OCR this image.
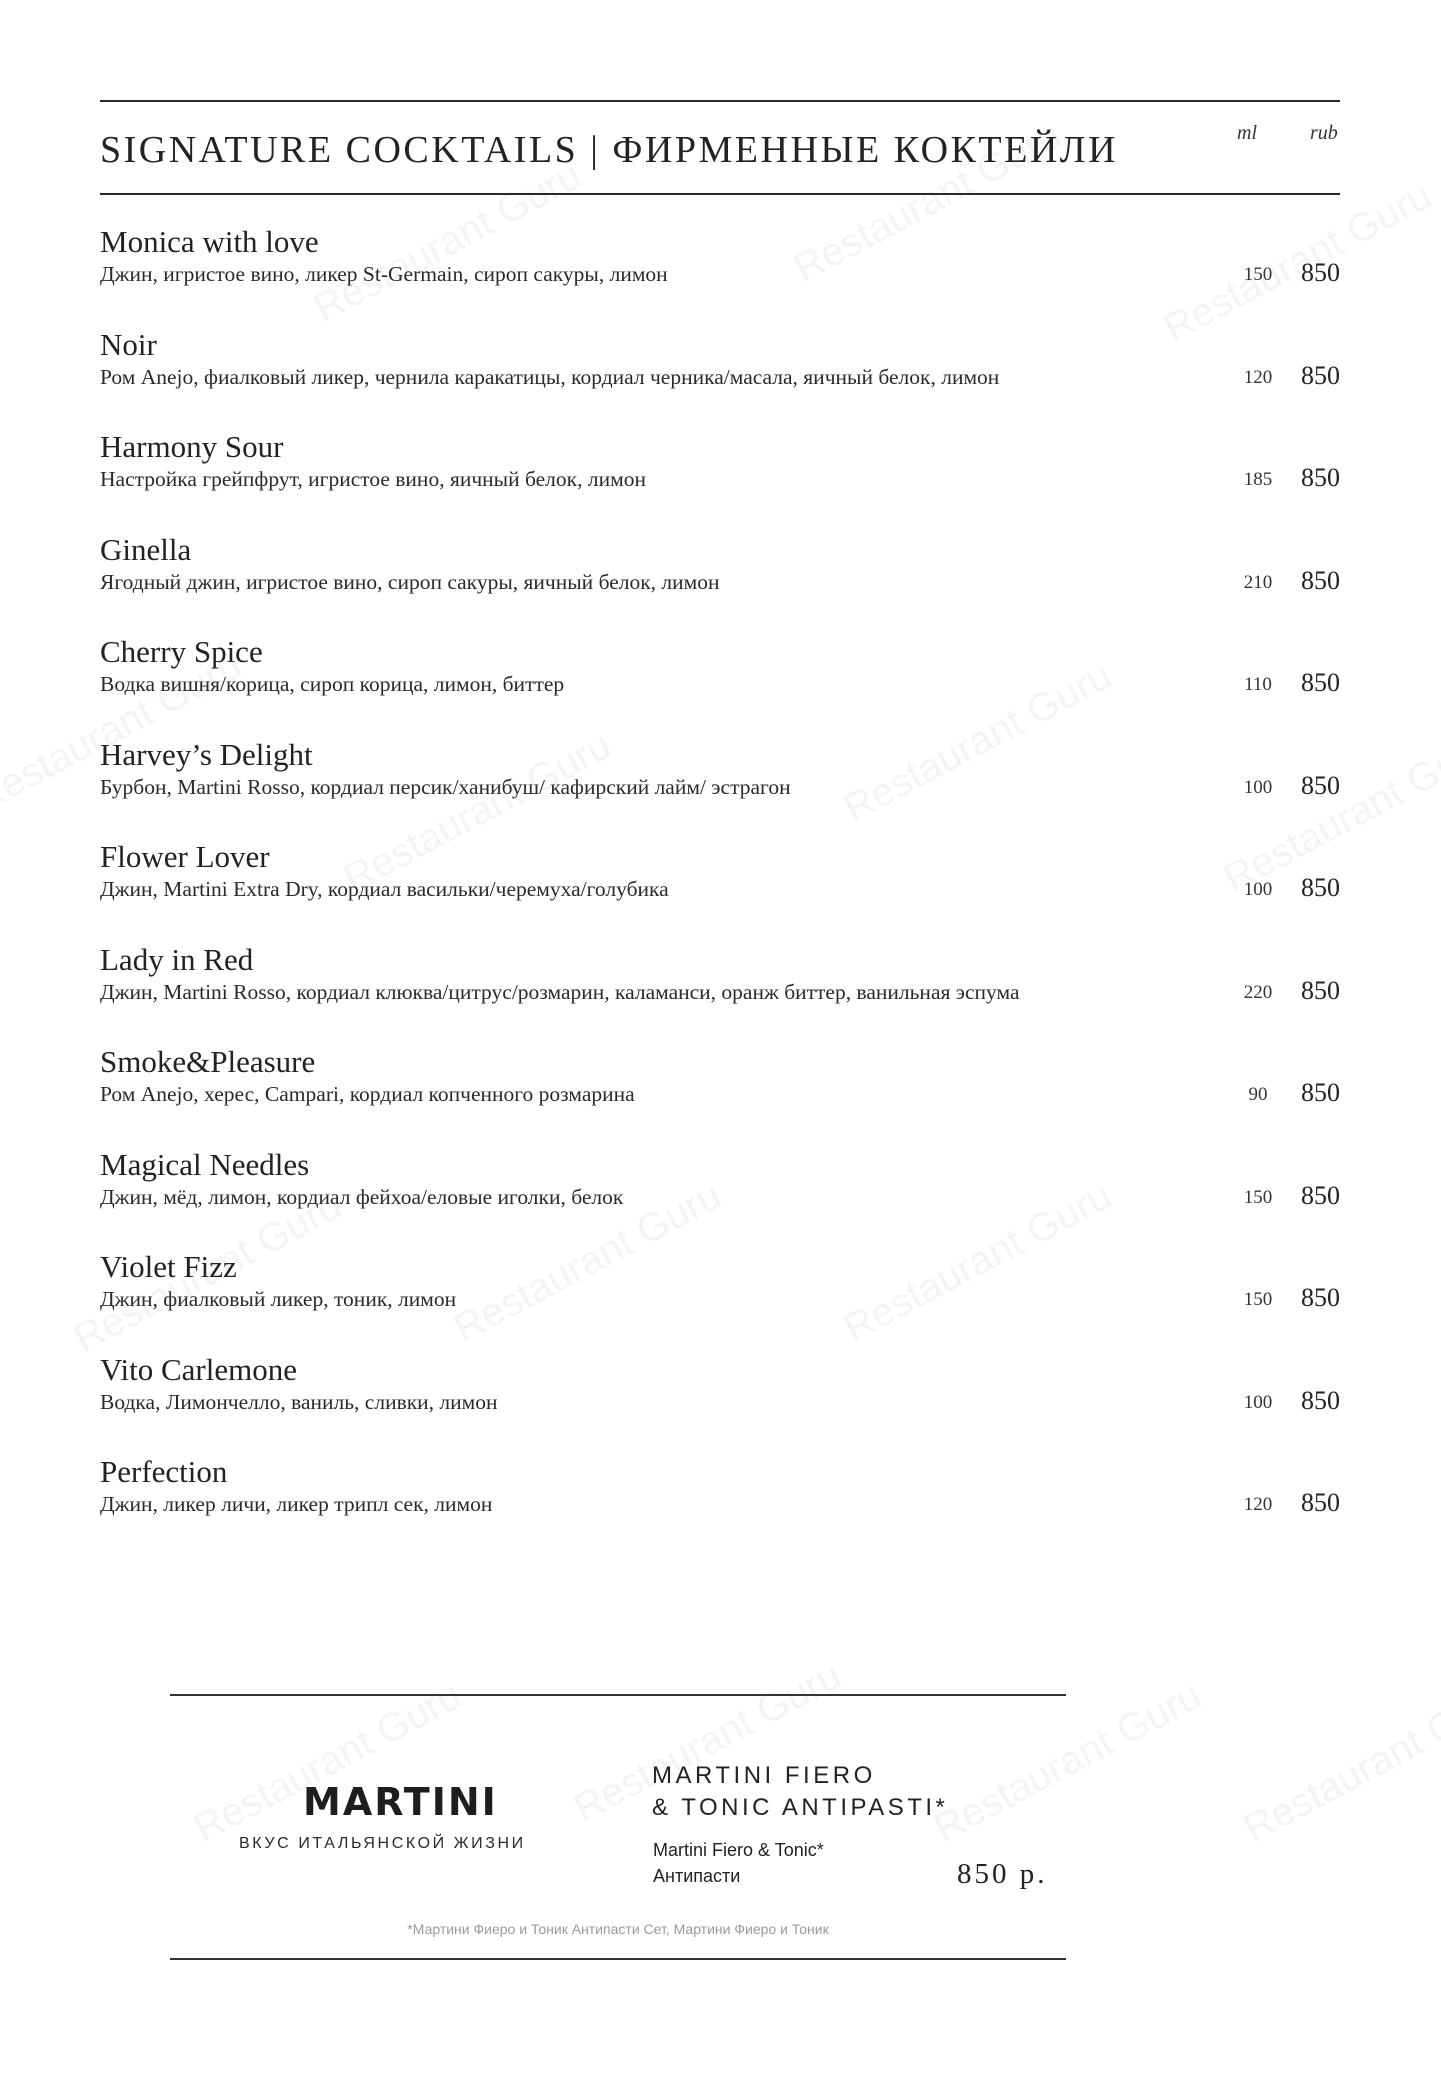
SIGNATURE COCKTAILS | ФИРМЕННЫЕ КОКТЕЙЛИ	ml	rub
Monica with love
Джин, игристое вино, ликер St-Germain, сироп сакуры, лимон	150	850
Noir
Ром Anejo, фиалковый ликер, чернила каракатицы, кордиал черника/масала, яичный белок, лимон	120	850
Harmony Sour
Настройка грейпфрут, игристое вино, яичный белок, лимон	185	850
Ginella
Ягодный джин, игристое вино, сироп сакуры, яичный белок, лимон	210	850
Cherry Spice
Водка вишня/корица, сироп корица, лимон, биттер	110	850
Harvey’s Delight
Бурбон, Martini Rosso, кордиал персик/ханибуш/ кафирский лайм/ эстрагон	100	850
Flower Lover
Джин, Martini Extra Dry, кордиал васильки/черемуха/голубика	100	850
Lady in Red
Джин, Martini Rosso, кордиал клюква/цитрус/розмарин, каламанси, оранж биттер, ванильная эспума	220	850
Smoke&Pleasure
Ром Anejo, херес, Campari, кордиал копченного розмарина	90	850
Magical Needles
Джин, мёд, лимон, кордиал фейхоа/еловые иголки, белок	150	850
Violet Fizz
Джин, фиалковый ликер, тоник, лимон	150	850
Vito Carlemone
Водка, Лимончелло, ваниль, сливки, лимон	100	850
Perfection
Джин, ликер личи, ликер трипл сек, лимон	120	850
MARTINI
ВКУС ИТАЛЬЯНСКОЙ ЖИЗНИ
MARTINI FIERO
& TONIC ANTIPASTI*
Martini Fiero & Tonic*
Антипасти	850 р.
*Мартини Фиеро и Тоник Антипасти Сет, Мартини Фиеро и Тоник
